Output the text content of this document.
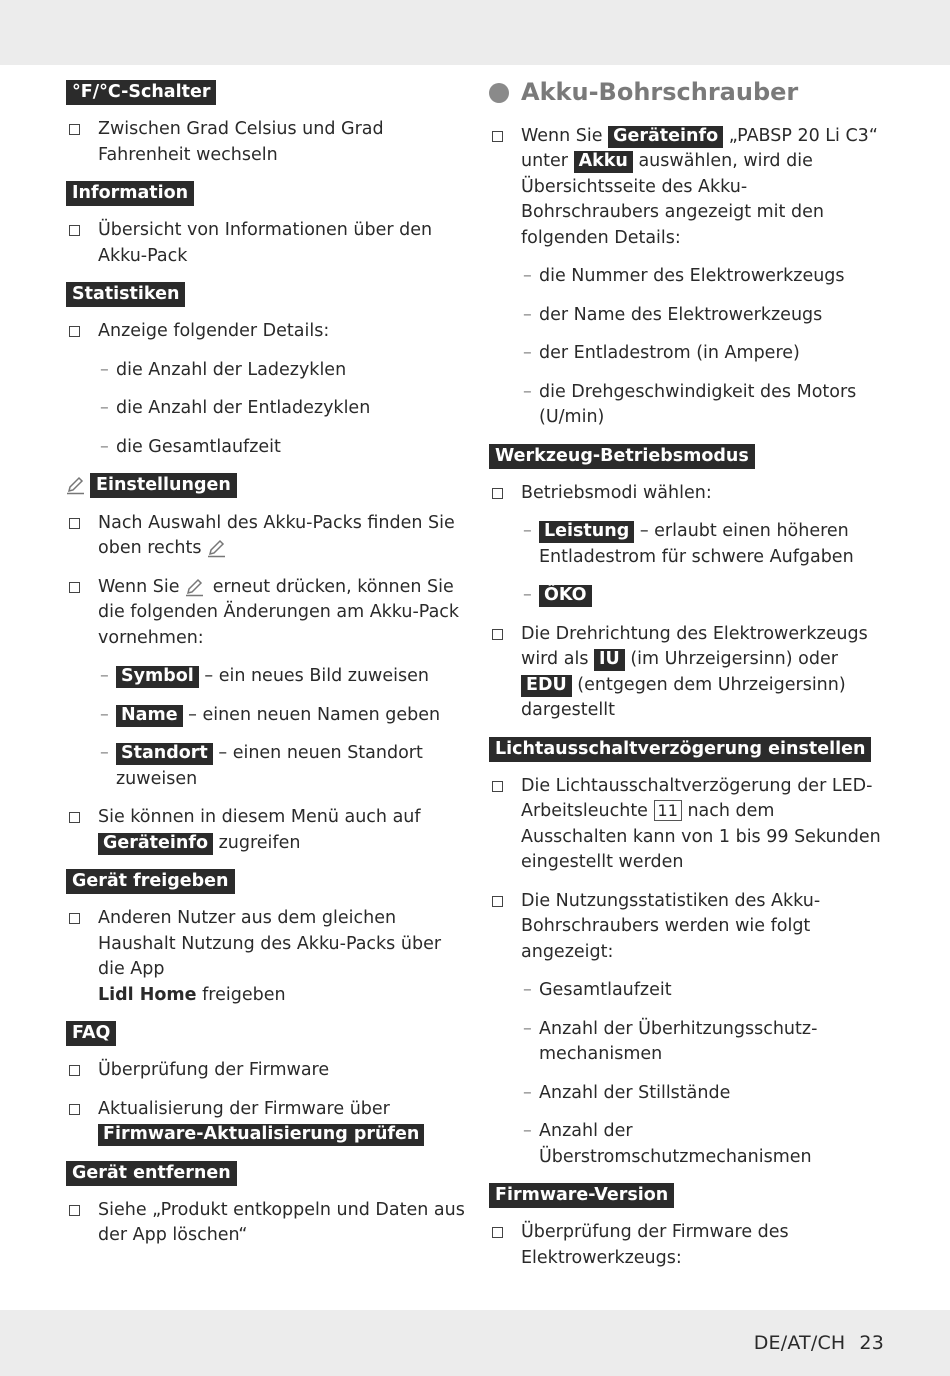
°F/°C-Schalter
Zwischen Grad Celsius und Grad Fahrenheit wechseln
Information
Übersicht von Informationen über den Akku-Pack
Statistiken
Anzeige folgender Details:
– die Anzahl der Ladezyklen
– die Anzahl der Entladezyklen
– die Gesamtlaufzeit
Einstellungen
Nach Auswahl des Akku-Packs finden Sie oben rechts
Wenn Sie erneut drücken, können Sie die folgenden Änderungen am Akku-Pack vornehmen:
– Symbol – ein neues Bild zuweisen
– Name – einen neuen Namen geben
– Standort – einen neuen Standort zuweisen
Sie können in diesem Menü auch auf
Geräteinfo zugreifen
Gerät freigeben
Anderen Nutzer aus dem gleichen Haushalt Nutzung des Akku-Packs über die App
Lidl Home freigeben
FAQ
Überprüfung der Firmware
Aktualisierung der Firmware über
Firmware-Aktualisierung prüfen
Gerät entfernen
Siehe „Produkt entkoppeln und Daten aus der App löschen“
Akku-Bohrschrauber
Wenn Sie Geräteinfo „PABSP 20 Li C3“ unter Akku auswählen, wird die Übersichtsseite des Akku-Bohrschraubers angezeigt mit den folgenden Details:
– die Nummer des Elektrowerkzeugs
– der Name des Elektrowerkzeugs
– der Entladestrom (in Ampere)
– die Drehgeschwindigkeit des Motors (U/min)
Werkzeug-Betriebsmodus
Betriebsmodi wählen:
– Leistung – erlaubt einen höheren Entladestrom für schwere Aufgaben
– ÖKO
Die Drehrichtung des Elektrowerkzeugs wird als IU (im Uhrzeigersinn) oder EDU (entgegen dem Uhrzeigersinn) dargestellt
Lichtausschaltverzögerung einstellen
Die Lichtausschaltverzögerung der LED-Arbeitsleuchte 11 nach dem Ausschalten kann von 1 bis 99 Sekunden eingestellt werden
Die Nutzungsstatistiken des Akku-Bohrschraubers werden wie folgt angezeigt:
– Gesamtlaufzeit
– Anzahl der Überhitzungsschutz-mechanismen
– Anzahl der Stillstände
– Anzahl der Überstromschutzmechanismen
Firmware-Version
Überprüfung der Firmware des Elektrowerkzeugs:
DE/AT/CH 23
